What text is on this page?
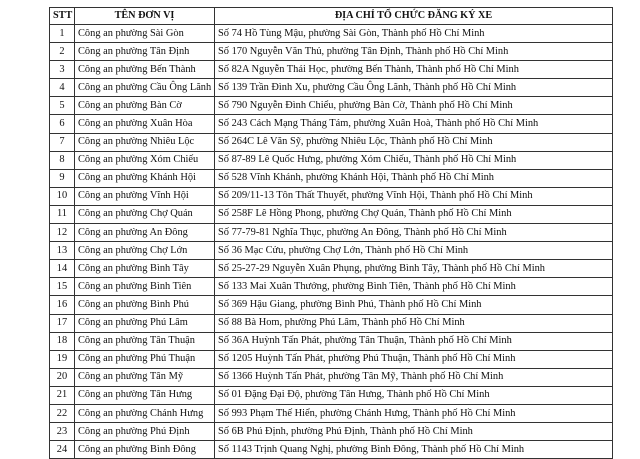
STT	TÊN ĐƠN VỊ	ĐỊA CHỈ TỔ CHỨC ĐĂNG KÝ XE
1	Công an phường Sài Gòn	Số 74 Hồ Tùng Mậu, phường Sài Gòn, Thành phố Hồ Chí Minh
2	Công an phường Tân Định	Số 170 Nguyễn Văn Thủ, phường Tân Định, Thành phố Hồ Chí Minh
3	Công an phường Bến Thành	Số 82A Nguyễn Thái Học, phường Bến Thành, Thành phố Hồ Chí Minh
4	Công an phường Cầu Ông Lãnh	Số 139 Trần Đình Xu, phường Cầu Ông Lãnh, Thành phố Hồ Chí Minh
5	Công an phường Bàn Cờ	Số 790 Nguyễn Đình Chiểu, phường Bàn Cờ, Thành phố Hồ Chí Minh
6	Công an phường Xuân Hòa	Số 243 Cách Mạng Tháng Tám, phường Xuân Hoà, Thành phố Hồ Chí Minh
7	Công an phường Nhiêu Lộc	Số 264C Lê Văn Sỹ, phường Nhiêu Lộc, Thành phố Hồ Chí Minh
8	Công an phường Xóm Chiếu	Số 87-89 Lê Quốc Hưng, phường Xóm Chiếu, Thành phố Hồ Chí Minh
9	Công an phường Khánh Hội	Số 528 Vĩnh Khánh, phường Khánh Hội, Thành phố Hồ Chí Minh
10	Công an phường Vĩnh Hội	Số 209/11-13 Tôn Thất Thuyết, phường Vĩnh Hội, Thành phố Hồ Chí Minh
11	Công an phường Chợ Quán	Số 258F Lê Hồng Phong, phường Chợ Quán, Thành phố Hồ Chí Minh
12	Công an phường An Đông	Số 77-79-81 Nghĩa Thục, phường An Đông, Thành phố Hồ Chí Minh
13	Công an phường Chợ Lớn	Số 36 Mạc Cửu, phường Chợ Lớn, Thành phố Hồ Chí Minh
14	Công an phường Bình Tây	Số 25-27-29 Nguyễn Xuân Phụng, phường Bình Tây, Thành phố Hồ Chí Minh
15	Công an phường Bình Tiên	Số 133 Mai Xuân Thưởng, phường Bình Tiên, Thành phố Hồ Chí Minh
16	Công an phường Bình Phú	Số 369 Hậu Giang, phường Bình Phú, Thành phố Hồ Chí Minh
17	Công an phường Phú Lâm	Số 88 Bà Hom, phường Phú Lâm, Thành phố Hồ Chí Minh
18	Công an phường Tân Thuận	Số 36A Huỳnh Tấn Phát, phường Tân Thuận, Thành phố Hồ Chí Minh
19	Công an phường Phú Thuận	Số 1205 Huỳnh Tấn Phát, phường Phú Thuận, Thành phố Hồ Chí Minh
20	Công an phường Tân Mỹ	Số 1366 Huỳnh Tấn Phát, phường Tân Mỹ, Thành phố Hồ Chí Minh
21	Công an phường Tân Hưng	Số 01 Đặng Đại Độ, phường Tân Hưng, Thành phố Hồ Chí Minh
22	Công an phường Chánh Hưng	Số 993 Phạm Thế Hiển, phường Chánh Hưng, Thành phố Hồ Chí Minh
23	Công an phường Phú Định	Số 6B Phú Định, phường Phú Định, Thành phố Hồ Chí Minh
24	Công an phường Bình Đông	Số 1143 Trịnh Quang Nghị, phường Bình Đông, Thành phố Hồ Chí Minh
